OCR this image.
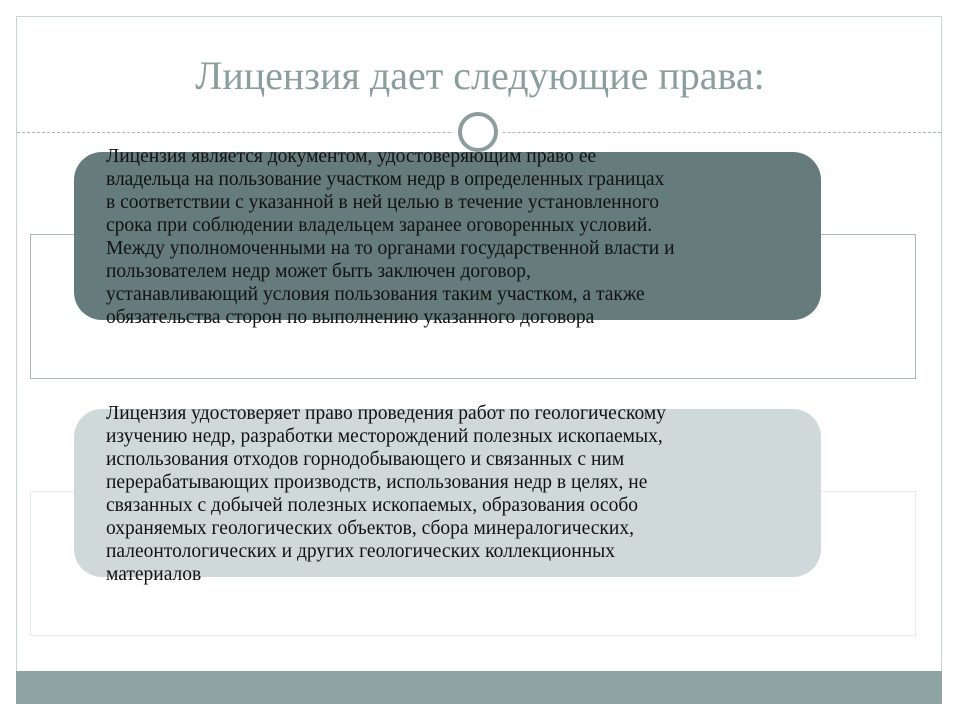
Лицензия дает следующие права:
Лицензия является документом, удостоверяющим право ее
владельца на пользование участком недр в определенных границах
в соответствии с указанной в ней целью в течение установленного
срока при соблюдении владельцем заранее оговоренных условий.
Между уполномоченными на то органами государственной власти и
пользователем недр может быть заключен договор,
устанавливающий условия пользования таким участком, а также
обязательства сторон по выполнению указанного договора
Лицензия удостоверяет право проведения работ по геологическому
изучению недр, разработки месторождений полезных ископаемых,
использования отходов горнодобывающего и связанных с ним
перерабатывающих производств, использования недр в целях, не
связанных с добычей полезных ископаемых, образования особо
охраняемых геологических объектов, сбора минералогических,
палеонтологических и других геологических коллекционных
материалов
